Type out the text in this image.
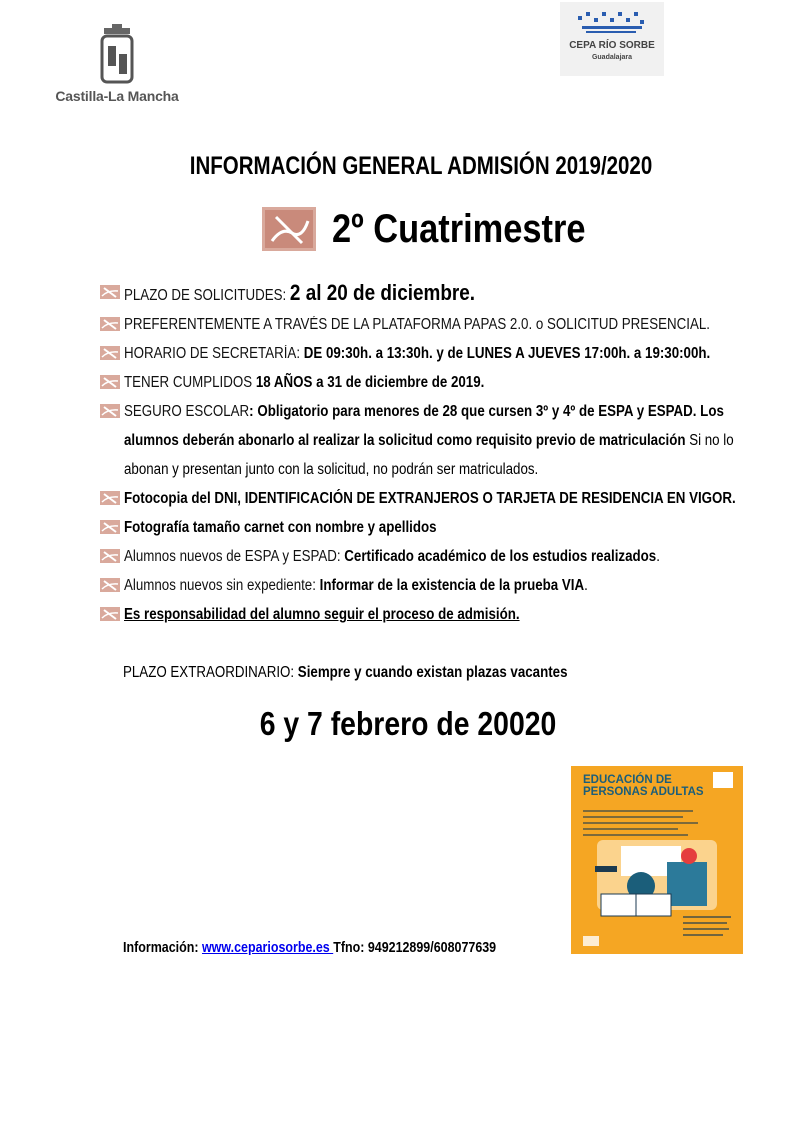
Castilla-La Mancha
CEPA RÍO SORBE
Guadalajara
INFORMACIÓN GENERAL ADMISIÓN 2019/2020
2º Cuatrimestre
PLAZO DE SOLICITUDES: 2 al 20 de diciembre.
PREFERENTEMENTE A TRAVÉS DE LA PLATAFORMA PAPAS 2.0. o SOLICITUD PRESENCIAL.
HORARIO DE SECRETARÍA: DE 09:30h. a 13:30h. y de LUNES A JUEVES 17:00h. a 19:30:00h.
TENER CUMPLIDOS 18 AÑOS a 31 de diciembre de 2019.
SEGURO ESCOLAR: Obligatorio para menores de 28 que cursen 3º y 4º de ESPA y ESPAD. Los alumnos deberán abonarlo al realizar la solicitud como requisito previo de matriculación Si no lo abonan y presentan junto con la solicitud, no podrán ser matriculados.
Fotocopia del DNI, IDENTIFICACIÓN DE EXTRANJEROS O TARJETA DE RESIDENCIA EN VIGOR.
Fotografía tamaño carnet con nombre y apellidos
Alumnos nuevos de ESPA y ESPAD: Certificado académico de los estudios realizados.
Alumnos nuevos sin expediente: Informar de la existencia de la prueba VIA.
Es responsabilidad del alumno seguir el proceso de admisión.
PLAZO EXTRAORDINARIO: Siempre y cuando existan plazas vacantes
6 y 7 febrero de 20020
EDUCACIÓN DE PERSONAS ADULTAS
Información: www.cepariosorbe.es Tfno: 949212899/608077639
